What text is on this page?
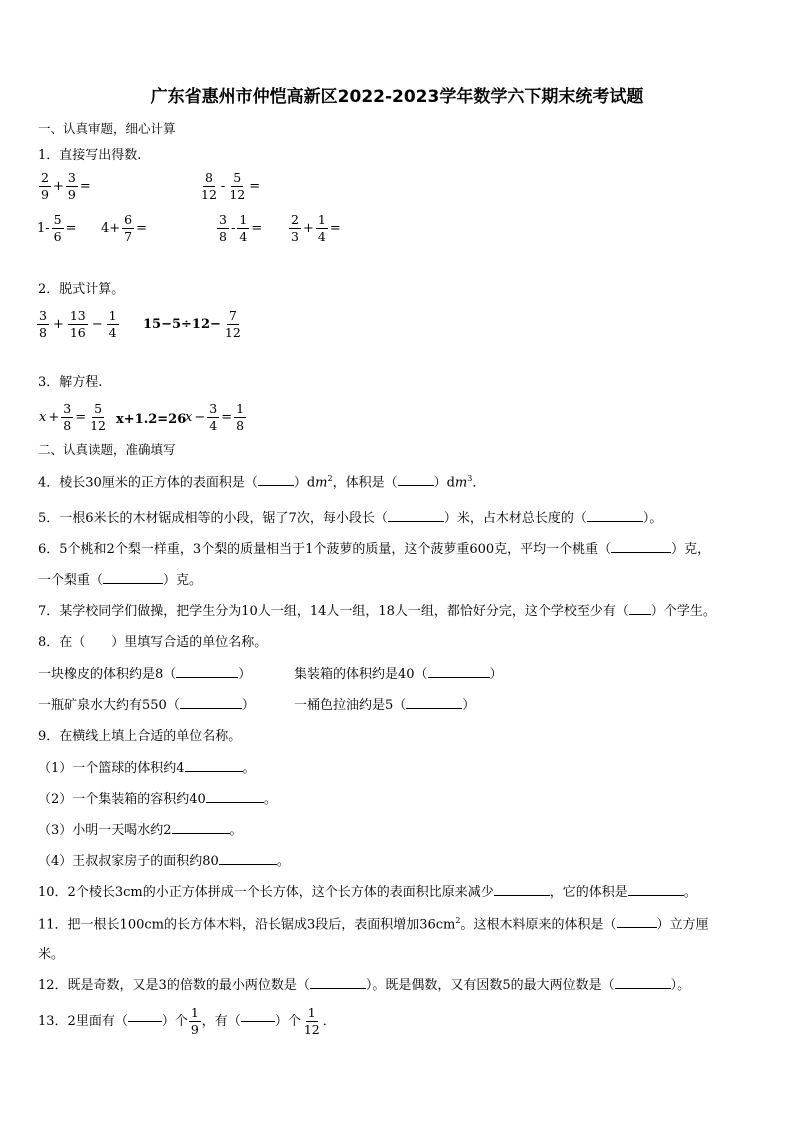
广东省惠州市仲恺高新区2022-2023学年数学六下期末统考试题
一、认真审题，细心计算
1．直接写出得数.
$\frac{2}{9} + \frac{3}{9}$ =	$\frac{8}{12} - \frac{5}{12}$ =
$1- \frac{5}{6} = 4+ \frac{6}{7}$ =	$\frac{3}{8} - \frac{1}{4} = \frac{2}{3} + \frac{1}{4}$ =
2．脱式计算。
$\frac{3}{8} + \frac{13}{16} - \frac{1}{4} 15-5\div 12- \frac{7}{12}$
3．解方程.
$x + \frac{3}{8} = \frac{5}{12} x+1.2=26$
$x - \frac{3}{4} = \frac{1}{8}$
二、认真读题，准确填写
4．棱长30厘米的正方体的表面积是（	）$dm^2$，体积是（	）$dm^3$．
5．一根6米长的木材锯成相等的小段，锯了7次，每小段长（	）米，占木材总长度的（	）。
6．5个桃和2个梨一样重，3个梨的质量相当于1个菠萝的质量，这个菠萝重600克，平均一个桃重（	）克，
一个梨重（	）克。
7．某学校同学们做操，把学生分为10人一组，14人一组，18人一组，都恰好分完，这个学校至少有（ ）个学生。
8．在（　　）里填写合适的单位名称。
一块橡皮的体积约是8（	）	集装箱的体积约是40（	）
一瓶矿泉水大约有550（	）	一桶色拉油约是5（	）
9．在横线上填上合适的单位名称。
（1）一个篮球的体积约4	。
（2）一个集装箱的容积约40	。
（3）小明一天喝水约2	。
（4）王叔叔家房子的面积约80	。
10．2个棱长3cm的小正方体拼成一个长方体，这个长方体的表面积比原来减少	，它的体积是	。
11．把一根长100cm的长方体木料，沿长锯成3段后，表面积增加$36cm^2$。这根木料原来的体积是（	）立方厘
米。
12．既是奇数，又是3的倍数的最小两位数是（	）。既是偶数，又有因数5的最大两位数是（	）。
13．2里面有（	）个 $\frac{1}{9}$ ，有（	）个 $\frac{1}{12}$ ．
